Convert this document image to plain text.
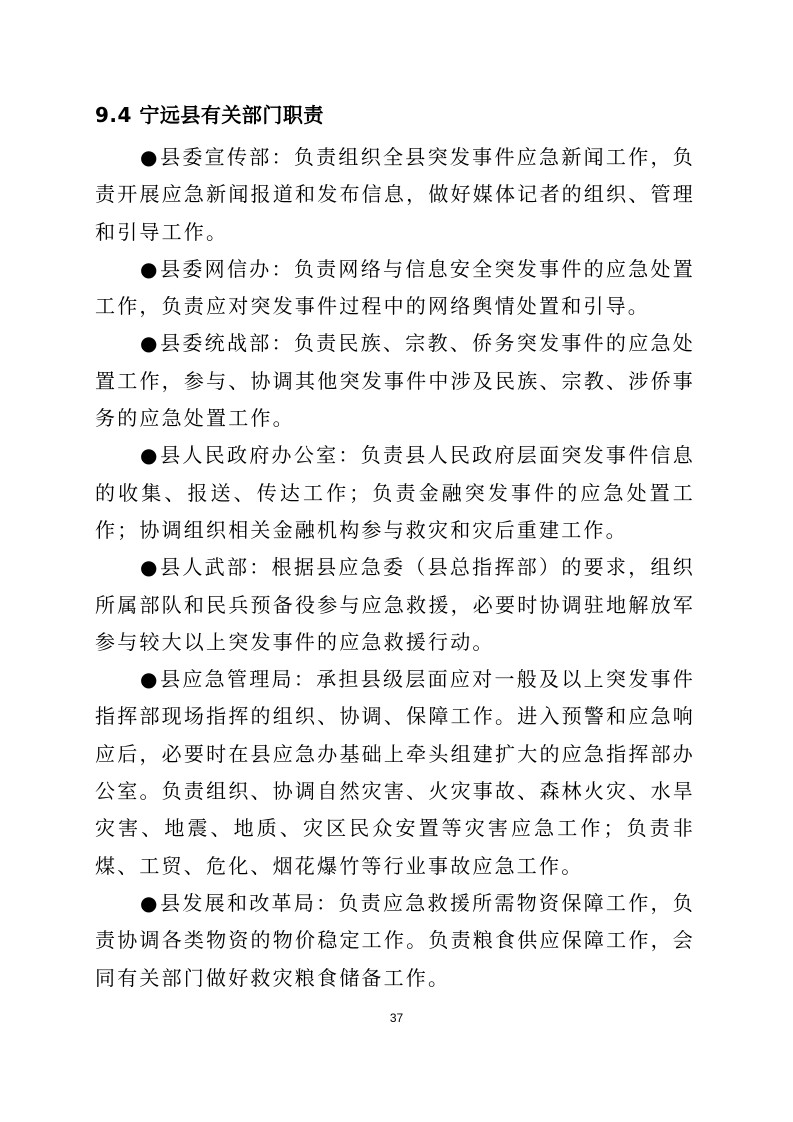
9.4 宁远县有关部门职责

●县委宣传部：负责组织全县突发事件应急新闻工作，负责开展应急新闻报道和发布信息，做好媒体记者的组织、管理和引导工作。

●县委网信办：负责网络与信息安全突发事件的应急处置工作，负责应对突发事件过程中的网络舆情处置和引导。

●县委统战部：负责民族、宗教、侨务突发事件的应急处置工作，参与、协调其他突发事件中涉及民族、宗教、涉侨事务的应急处置工作。

●县人民政府办公室：负责县人民政府层面突发事件信息的收集、报送、传达工作；负责金融突发事件的应急处置工作；协调组织相关金融机构参与救灾和灾后重建工作。

●县人武部：根据县应急委（县总指挥部）的要求，组织所属部队和民兵预备役参与应急救援，必要时协调驻地解放军参与较大以上突发事件的应急救援行动。

●县应急管理局：承担县级层面应对一般及以上突发事件指挥部现场指挥的组织、协调、保障工作。进入预警和应急响应后，必要时在县应急办基础上牵头组建扩大的应急指挥部办公室。负责组织、协调自然灾害、火灾事故、森林火灾、水旱灾害、地震、地质、灾区民众安置等灾害应急工作；负责非煤、工贸、危化、烟花爆竹等行业事故应急工作。

●县发展和改革局：负责应急救援所需物资保障工作，负责协调各类物资的物价稳定工作。负责粮食供应保障工作，会同有关部门做好救灾粮食储备工作。

37
